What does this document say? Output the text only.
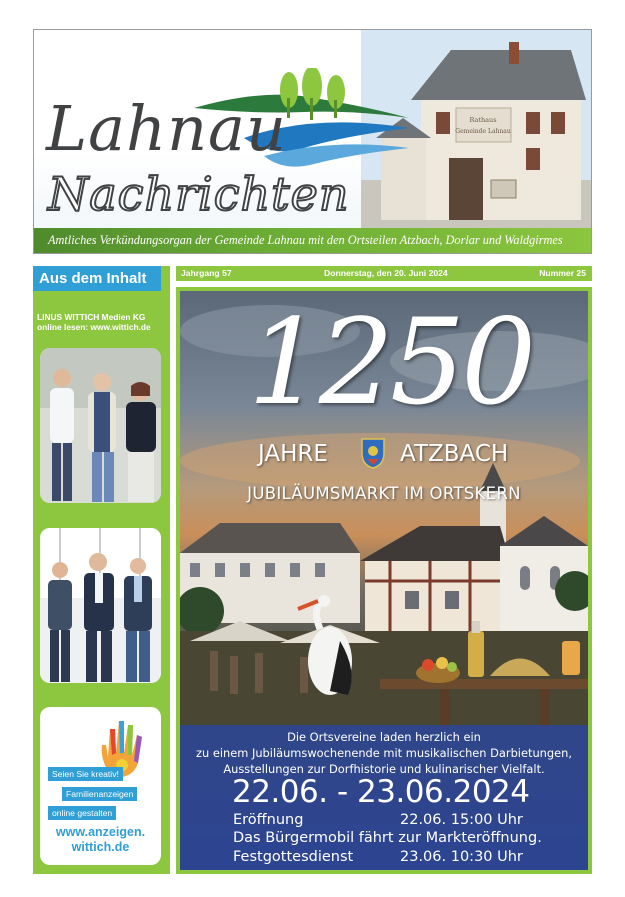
Rathaus
Gemeinde Lahnau
Lahnau
Nachrichten
Amtliches Verkündungsorgan der Gemeinde Lahnau mit den Ortsteilen Atzbach, Dorlar und Waldgirmes
Aus dem Inhalt
LINUS WITTICH Medien KG
online lesen: www.wittich.de
Seien Sie kreativ!
Familienanzeigen
online gestalten
www.anzeigen.
wittich.de
Jahrgang 57	Donnerstag, den 20. Juni 2024	Nummer 25
1250
JAHRE	ATZBACH
JUBILÄUMSMARKT IM ORTSKERN
Die Ortsvereine laden herzlich ein
zu einem Jubiläumswochenende mit musikalischen Darbietungen,
Ausstellungen zur Dorfhistorie und kulinarischer Vielfalt.
22.06. - 23.06.2024
Eröffnung	22.06. 15:00 Uhr
Das Bürgermobil fährt zur Markteröffnung.
Festgottesdienst	23.06. 10:30 Uhr
